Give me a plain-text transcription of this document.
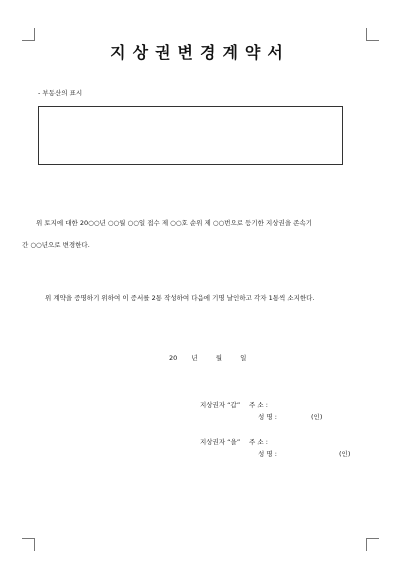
지상권변경계약서
- 부동산의 표시
위 토지에 대한 20○○년 ○○월 ○○일 접수 제 ○○호 순위 제 ○○번으로 등기한 지상권을 존속기
간 ○○년으로 변경한다.
위 계약을 증명하기 위하여 이 증서를 2통 작성하여 다음에 기명 날인하고 각자 1통씩 소지한다.
20 년	월	일
지상권자 “갑” 주 소 :
성 명 :	(인)
지상권자 “을” 주 소 :
성 명 :	(인)
